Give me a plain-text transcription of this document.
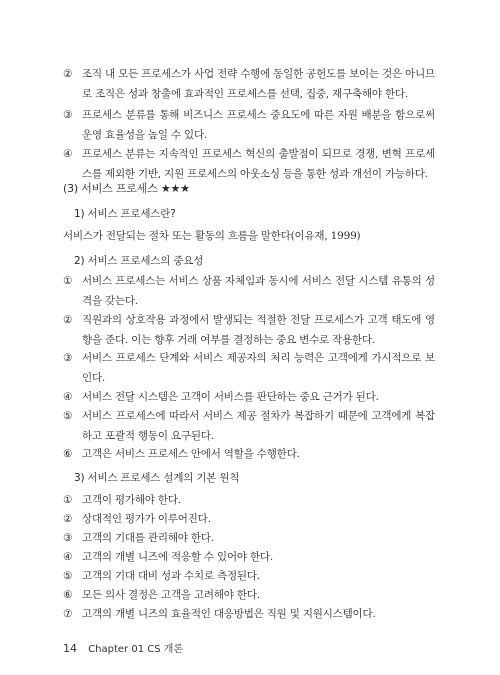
② 조직 내 모든 프로세스가 사업 전략 수행에 동일한 공헌도를 보이는 것은 아니므로 조직은 성과 창출에 효과적인 프로세스를 선택, 집중, 재구축해야 한다.
③ 프로세스 분류를 통해 비즈니스 프로세스 중요도에 따른 자원 배분을 함으로써 운영 효율성을 높일 수 있다.
④ 프로세스 분류는 지속적인 프로세스 혁신의 출발점이 되므로 경쟁, 변혁 프로세스를 제외한 기반, 지원 프로세스의 아웃소싱 등을 통한 성과 개선이 가능하다.
(3) 서비스 프로세스 ★★★
1) 서비스 프로세스란?
서비스가 전달되는 절차 또는 활동의 흐름을 말한다(이유재, 1999)
2) 서비스 프로세스의 중요성
① 서비스 프로세스는 서비스 상품 자체임과 동시에 서비스 전달 시스템 유통의 성격을 갖는다.
② 직원과의 상호작용 과정에서 발생되는 적절한 전달 프로세스가 고객 태도에 영향을 준다. 이는 향후 거래 여부를 결정하는 중요 변수로 작용한다.
③ 서비스 프로세스 단계와 서비스 제공자의 처리 능력은 고객에게 가시적으로 보인다.
④ 서비스 전달 시스템은 고객이 서비스를 판단하는 중요 근거가 된다.
⑤ 서비스 프로세스에 따라서 서비스 제공 절차가 복잡하기 때문에 고객에게 복잡하고 포괄적 행동이 요구된다.
⑥ 고객은 서비스 프로세스 안에서 역할을 수행한다.
3) 서비스 프로세스 설계의 기본 원칙
① 고객이 평가해야 한다.
② 상대적인 평가가 이루어진다.
③ 고객의 기대를 관리해야 한다.
④ 고객의 개별 니즈에 적응할 수 있어야 한다.
⑤ 고객의 기대 대비 성과 수치로 측정된다.
⑥ 모든 의사 결정은 고객을 고려해야 한다.
⑦ 고객의 개별 니즈의 효율적인 대응방법은 직원 및 지원시스템이다.
14 Chapter 01 CS 개론
